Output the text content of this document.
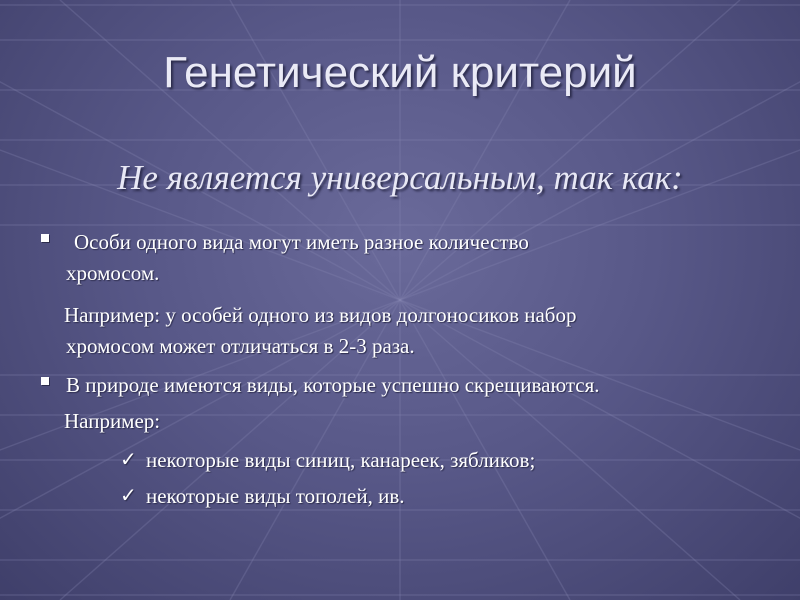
Генетический критерий
Не является универсальным, так как:
Особи одного вида могут иметь разное количество
хромосом.
Например: у особей одного из видов долгоносиков набор
хромосом может отличаться в 2-3 раза.
В природе имеются виды, которые успешно скрещиваются.
Например:
✓ некоторые виды синиц, канареек, зябликов;
✓ некоторые виды тополей, ив.
